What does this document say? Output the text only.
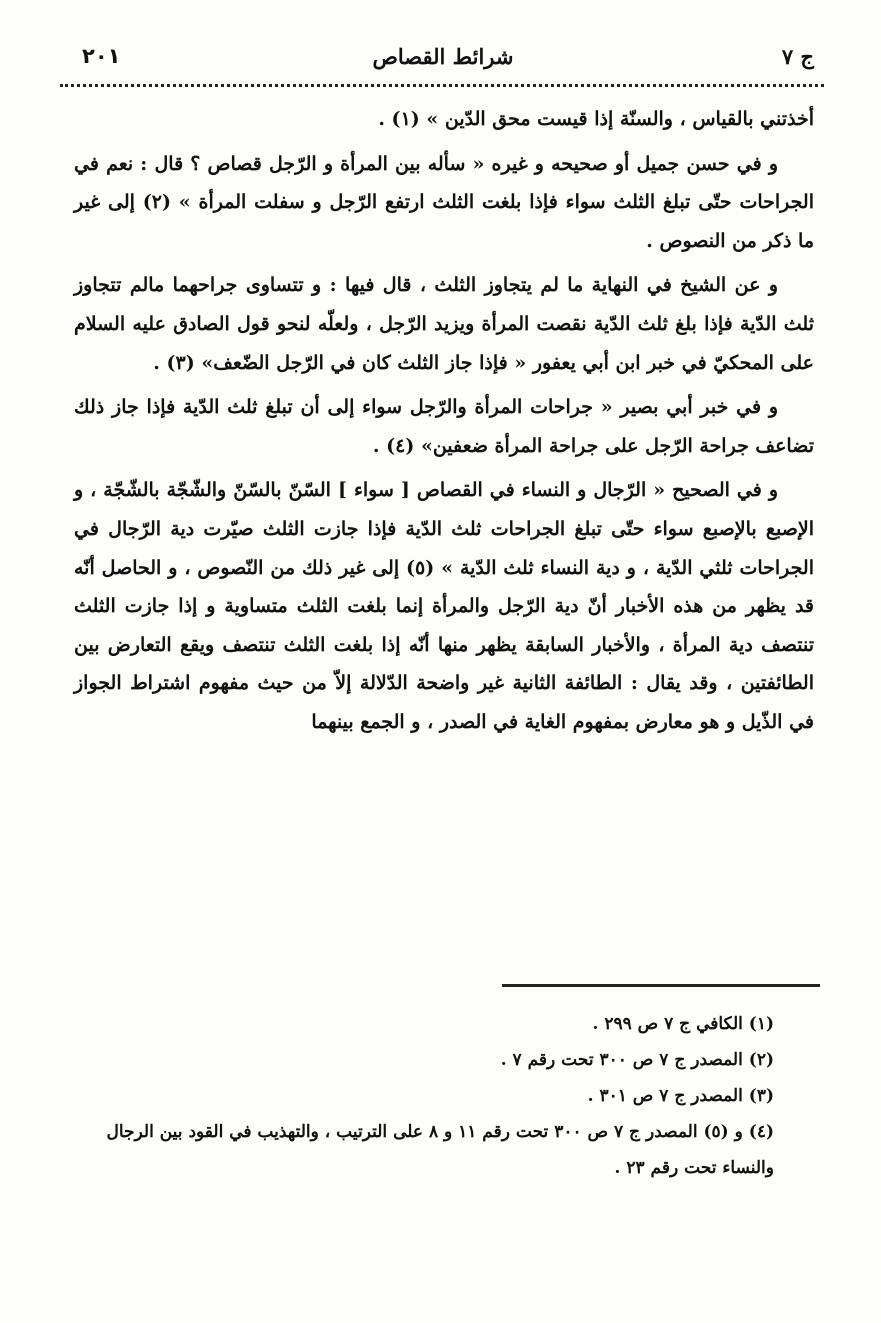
ج ٧
شرائط القصاص
٢٠١

أخذتني بالقياس ، والسنّة إذا قيست محق الدّين » (١) .

و في حسن جميل أو صحيحه و غيره « سأله بين المرأة و الرّجل قصاص ؟ قال : نعم في الجراحات حتّى تبلغ الثلث سواء فإذا بلغت الثلث ارتفع الرّجل و سفلت المرأة » (٢) إلى غير ما ذكر من النصوص .

و عن الشيخ في النهاية ما لم يتجاوز الثلث ، قال فيها : و تتساوى جراحهما مالم تتجاوز ثلث الدّية فإذا بلغ ثلث الدّية نقصت المرأة ويزيد الرّجل ، ولعلّه لنحو قول الصادق عليه السلام على المحكيّ في خبر ابن أبي يعفور « فإذا جاز الثلث كان في الرّجل الضّعف» (٣) .

و في خبر أبي بصير « جراحات المرأة والرّجل سواء إلى أن تبلغ ثلث الدّية فإذا جاز ذلك تضاعف جراحة الرّجل على جراحة المرأة ضعفين» (٤) .

و في الصحيح « الرّجال و النساء في القصاص [ سواء ] السّنّ بالسّنّ والشّجّة بالشّجّة ، و الإصبع بالإصبع سواء حتّى تبلغ الجراحات ثلث الدّية فإذا جازت الثلث صيّرت دية الرّجال في الجراحات ثلثي الدّية ، و دية النساء ثلث الدّية » (٥) إلى غير ذلك من النّصوص ، و الحاصل أنّه قد يظهر من هذه الأخبار أنّ دية الرّجل والمرأة إنما بلغت الثلث متساوية و إذا جازت الثلث تنتصف دية المرأة ، والأخبار السابقة يظهر منها أنّه إذا بلغت الثلث تنتصف ويقع التعارض بين الطائفتين ، وقد يقال : الطائفة الثانية غير واضحة الدّلالة إلاّ من حيث مفهوم اشتراط الجواز في الذّيل و هو معارض بمفهوم الغاية في الصدر ، و الجمع بينهما

(١) الكافي ج ٧ ص ٢٩٩ .

(٢) المصدر ج ٧ ص ٣٠٠ تحت رقم ٧ .

(٣) المصدر ج ٧ ص ٣٠١ .

(٤) و (٥) المصدر ج ٧ ص ٣٠٠ تحت رقم ١١ و ٨ على الترتيب ، والتهذيب في القود بين الرجال والنساء تحت رقم ٢٣ .
